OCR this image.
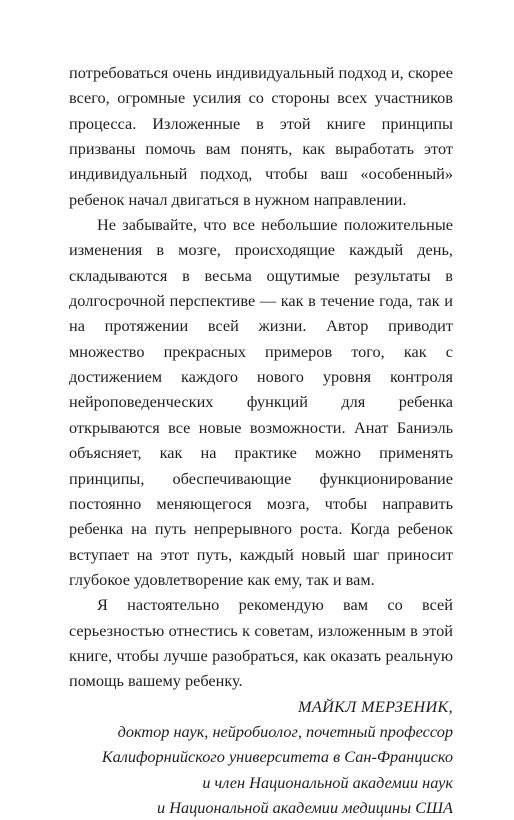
потребоваться очень индивидуальный подход и, скорее всего, огромные усилия со стороны всех участников процесса. Изложенные в этой книге принципы призваны помочь вам понять, как выработать этот индивидуальный подход, чтобы ваш «особенный» ребенок начал двигаться в нужном направлении.

Не забывайте, что все небольшие положительные изменения в мозге, происходящие каждый день, складываются в весьма ощутимые результаты в долгосрочной перспективе — как в течение года, так и на протяжении всей жизни. Автор приводит множество прекрасных примеров того, как с достижением каждого нового уровня контроля нейроповеденческих функций для ребенка открываются все новые возможности. Анат Баниэль объясняет, как на практике можно применять принципы, обеспечивающие функционирование постоянно меняющегося мозга, чтобы направить ребенка на путь непрерывного роста. Когда ребенок вступает на этот путь, каждый новый шаг приносит глубокое удовлетворение как ему, так и вам.

Я настоятельно рекомендую вам со всей серьезностью отнестись к советам, изложенным в этой книге, чтобы лучше разобраться, как оказать реальную помощь вашему ребенку.

МАЙКЛ МЕРЗЕНИК,
доктор наук, нейробиолог, почетный профессор
Калифорнийского университета в Сан-Франциско
и член Национальной академии наук
и Национальной академии медицины США
